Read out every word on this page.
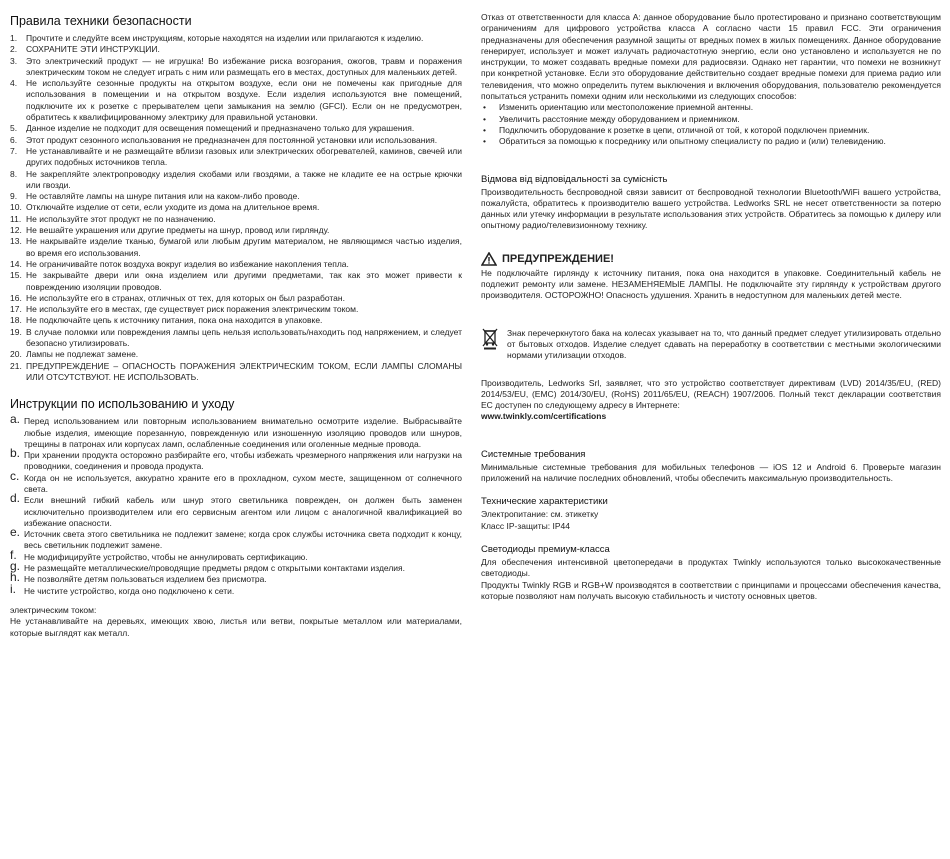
Правила техники безопасности
1.	Прочтите и следуйте всем инструкциям, которые находятся на изделии или прилагаются к изделию.
2.	СОХРАНИТЕ ЭТИ ИНСТРУКЦИИ.
3.	Это электрический продукт — не игрушка! Во избежание риска возгорания, ожогов, травм и поражения электрическим током не следует играть с ним или размещать его в местах, доступных для маленьких детей.
4.	Не используйте сезонные продукты на открытом воздухе, если они не помечены как пригодные для использования в помещении и на открытом воздухе. Если изделия используются вне помещений, подключите их к розетке с прерывателем цепи замыкания на землю (GFCI). Если он не предусмотрен, обратитесь к квалифицированному электрику для правильной установки.
5.	Данное изделие не подходит для освещения помещений и предназначено только для украшения.
6.	Этот продукт сезонного использования не предназначен для постоянной установки или использования.
7.	Не устанавливайте и не размещайте вблизи газовых или электрических обогревателей, каминов, свечей или других подобных источников тепла.
8.	Не закрепляйте электропроводку изделия скобами или гвоздями, а также не кладите ее на острые крючки или гвозди.
9.	Не оставляйте лампы на шнуре питания или на каком-либо проводе.
10. Отключайте изделие от сети, если уходите из дома на длительное время.
11. Не используйте этот продукт не по назначению.
12. Не вешайте украшения или другие предметы на шнур, провод или гирлянду.
13. Не накрывайте изделие тканью, бумагой или любым другим материалом, не являющимся частью изделия, во время его использования.
14. Не ограничивайте поток воздуха вокруг изделия во избежание накопления тепла.
15. Не закрывайте двери или окна изделием или другими предметами, так как это может привести к повреждению изоляции проводов.
16. Не используйте его в странах, отличных от тех, для которых он был разработан.
17. Не используйте его в местах, где существует риск поражения электрическим током.
18. Не подключайте цепь к источнику питания, пока она находится в упаковке.
19. В случае поломки или повреждения лампы цепь нельзя использовать/находить под напряжением, и следует безопасно утилизировать.
20. Лампы не подлежат замене.
21. ПРЕДУПРЕЖДЕНИЕ – ОПАСНОСТЬ ПОРАЖЕНИЯ ЭЛЕКТРИЧЕСКИМ ТОКОМ, ЕСЛИ ЛАМПЫ СЛОМАНЫ ИЛИ ОТСУТСТВУЮТ. НЕ ИСПОЛЬЗОВАТЬ.
Инструкции по использованию и уходу
a. Перед использованием или повторным использованием внимательно осмотрите изделие. Выбрасывайте любые изделия, имеющие порезанную, поврежденную или изношенную изоляцию проводов или шнуров, трещины в патронах или корпусах ламп, ослабленные соединения или оголенные медные провода.
b. При хранении продукта осторожно разбирайте его, чтобы избежать чрезмерного напряжения или нагрузки на проводники, соединения и провода продукта.
c. Когда он не используется, аккуратно храните его в прохладном, сухом месте, защищенном от солнечного света.
d. Если внешний гибкий кабель или шнур этого светильника поврежден, он должен быть заменен исключительно производителем или его сервисным агентом или лицом с аналогичной квалификацией во избежание опасности.
e. Источник света этого светильника не подлежит замене; когда срок службы источника света подходит к концу, весь светильник подлежит замене.
f. Не модифицируйте устройство, чтобы не аннулировать сертификацию.
g. Не размещайте металлические/проводящие предметы рядом с открытыми контактами изделия.
h. Не позволяйте детям пользоваться изделием без присмотра.
i. Не чистите устройство, когда оно подключено к сети.

электрическим током:

Не устанавливайте на деревьях, имеющих хвою, листья или ветви, покрытые металлом или материалами, которые выглядят как металл.

Отказ от ответственности для класса A: данное оборудование было протестировано и признано соответствующим ограничениям для цифрового устройства класса A согласно части 15 правил FCC. Эти ограничения предназначены для обеспечения разумной защиты от вредных помех в жилых помещениях. Данное оборудование генерирует, использует и может излучать радиочастотную энергию, если оно установлено и используется не по инструкции, то может создавать вредные помехи для радиосвязи. Однако нет гарантии, что помехи не возникнут при конкретной установке. Если это оборудование действительно создает вредные помехи для приема радио или телевидения, что можно определить путем выключения и включения оборудования, пользователю рекомендуется попытаться устранить помехи одним или несколькими из следующих способов:

• Изменить ориентацию или местоположение приемной антенны.
• Увеличить расстояние между оборудованием и приемником.
• Подключить оборудование к розетке в цепи, отличной от той, к которой подключен приемник.
• Обратиться за помощью к посреднику или опытному специалисту по радио и (или) телевидению.
Відмова від відповідальності за сумісність

Производительность беспроводной связи зависит от беспроводной технологии Bluetooth/WiFi вашего устройства, пожалуйста, обратитесь к производителю вашего устройства. Ledworks SRL не несет ответственности за потерю данных или утечку информации в результате использования этих устройств. Обратитесь за помощью к дилеру или опытному радио/телевизионному технику.

ПРЕДУПРЕЖДЕНИЕ!

Не подключайте гирлянду к источнику питания, пока она находится в упаковке. Соединительный кабель не подлежит ремонту или замене. НЕЗАМЕНЯЕМЫЕ ЛАМПЫ. Не подключайте эту гирлянду к устройствам другого производителя. ОСТОРОЖНО! Опасность удушения. Хранить в недоступном для маленьких детей месте.

Знак перечеркнутого бака на колесах указывает на то, что данный предмет следует утилизировать отдельно от бытовых отходов. Изделие следует сдавать на переработку в соответствии с местными экологическими нормами утилизации отходов.

Производитель, Ledworks Srl, заявляет, что это устройство соответствует директивам (LVD) 2014/35/EU, (RED) 2014/53/EU, (EMC) 2014/30/EU, (RoHS) 2011/65/EU, (REACH) 1907/2006. Полный текст декларации соответствия ЕС доступен по следующему адресу в Интернете:

www.twinkly.com/certifications

Системные требования

Минимальные системные требования для мобильных телефонов — iOS 12 и Android 6. Проверьте магазин приложений на наличие последних обновлений, чтобы обеспечить максимальную производительность.

Технические характеристики

Электропитание: см. этикетку

Класс IP-защиты: IP44

Светодиоды премиум-класса

Для обеспечения интенсивной цветопередачи в продуктах Twinkly используются только высококачественные светодиоды.

Продукты Twinkly RGB и RGB+W производятся в соответствии с принципами и процессами обеспечения качества, которые позволяют нам получать высокую стабильность и чистоту основных цветов.
